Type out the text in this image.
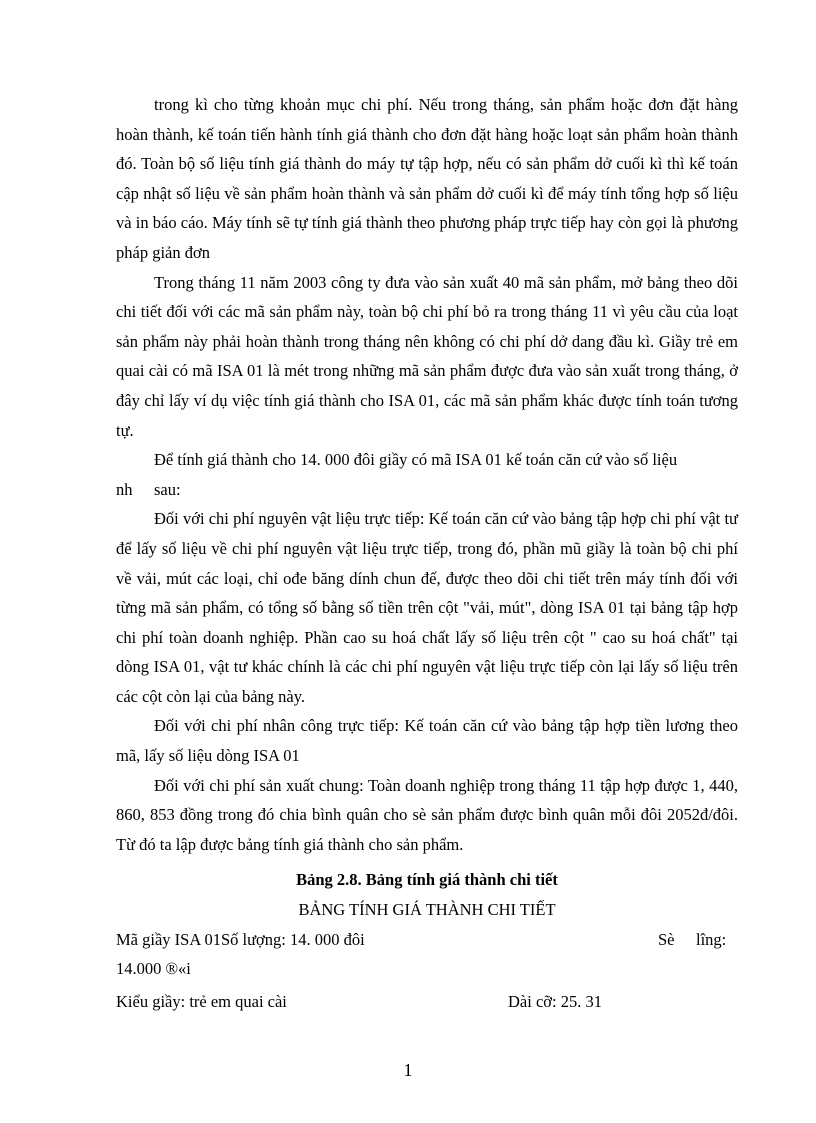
trong kì cho từng khoản mục chi phí. Nếu trong tháng, sản phẩm hoặc đơn đặt hàng hoàn thành, kế toán tiến hành tính giá thành cho đơn đặt hàng hoặc loạt sản phẩm hoàn thành đó. Toàn bộ số liệu tính giá thành do máy tự tập hợp, nếu có sản phẩm dở cuối kì thì kế toán cập nhật số liệu về sản phẩm hoàn thành và sản phẩm dở cuối kì để máy tính tổng hợp số liệu và in báo cáo. Máy tính sẽ tự tính giá thành theo phương pháp trực tiếp hay còn gọi là phương pháp giản đơn

Trong tháng 11 năm 2003 công ty đưa vào sản xuất 40 mã sản phẩm, mở bảng theo dõi chi tiết đối với các mã sản phẩm này, toàn bộ chi phí bỏ ra trong tháng 11 vì yêu cầu của loạt sản phẩm này phải hoàn thành trong tháng nên không có chi phí dở dang đầu kì. Giầy trẻ em quai cài có mã ISA 01 là mét trong những mã sản phẩm được đưa vào sản xuất trong tháng, ở đây chỉ lấy ví dụ việc tính giá thành cho ISA 01, các mã sản phẩm khác được tính toán tương tự.

Để tính giá thành cho 14. 000 đôi giầy có mã ISA 01 kế toán căn cứ vào số liệu

nh sau:

Đối với chi phí nguyên vật liệu trực tiếp: Kế toán căn cứ vào bảng tập hợp chi phí vật tư để lấy số liệu về chi phí nguyên vật liệu trực tiếp, trong đó, phần mũ giầy là toàn bộ chi phí về vải, mút các loại, chỉ ođe băng dính chun đế, được theo dõi chi tiết trên máy tính đối với từng mã sản phẩm, có tổng số bằng số tiền trên cột "vải, mút", dòng ISA 01 tại bảng tập hợp chi phí toàn doanh nghiệp. Phần cao su hoá chất lấy số liệu trên cột " cao su hoá chất" tại dòng ISA 01, vật tư khác chính là các chi phí nguyên vật liệu trực tiếp còn lại lấy số liệu trên các cột còn lại của bảng này.

Đối với chi phí nhân công trực tiếp: Kế toán căn cứ vào bảng tập hợp tiền lương theo mã, lấy số liệu dòng ISA 01

Đối với chi phí sản xuất chung: Toàn doanh nghiệp trong tháng 11 tập hợp được 1, 440, 860, 853 đồng trong đó chia bình quân cho sè sản phẩm được bình quân mỗi đôi 2052đ/đôi. Từ đó ta lập được bảng tính giá thành cho sản phẩm.

Bảng 2.8. Bảng tính giá thành chi tiết
BẢNG TÍNH GIÁ THÀNH CHI TIẾT
Mã giầy ISA 01Số lượng: 14. 000 đôi	Sè lîng:
14.000 ®«i
Kiểu giầy: trẻ em quai cài	Dài cỡ: 25. 31
1
